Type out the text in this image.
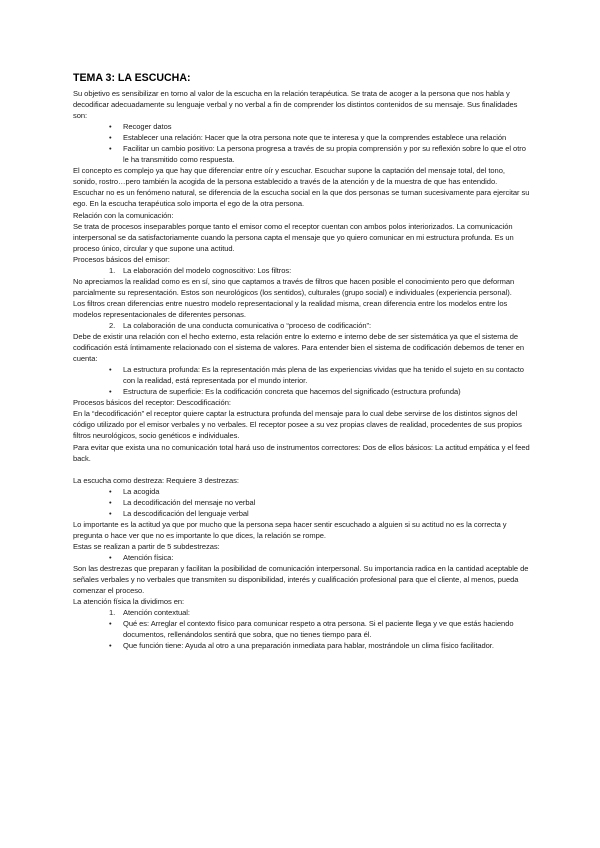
TEMA 3: LA ESCUCHA:

Su objetivo es sensibilizar en torno al valor de la escucha en la relación terapéutica. Se trata de acoger a la persona que nos habla y decodificar adecuadamente su lenguaje verbal y no verbal a fin de comprender los distintos contenidos de su mensaje. Sus finalidades son:

• Recoger datos
• Establecer una relación: Hacer que la otra persona note que te interesa y que la comprendes establece una relación
• Facilitar un cambio positivo: La persona progresa a través de su propia comprensión y por su reflexión sobre lo que el otro le ha transmitido como respuesta.

El concepto es complejo ya que hay que diferenciar entre oír y escuchar. Escuchar supone la captación del mensaje total, del tono, sonido, rostro…pero también la acogida de la persona establecido a través de la atención y de la muestra de que has entendido. Escuchar no es un fenómeno natural, se diferencia de la escucha social en la que dos personas se turnan sucesivamente para ejercitar su ego. En la escucha terapéutica solo importa el ego de la otra persona.

Relación con la comunicación:

Se trata de procesos inseparables porque tanto el emisor como el receptor cuentan con ambos polos interiorizados. La comunicación interpersonal se da satisfactoriamente cuando la persona capta el mensaje que yo quiero comunicar en mi estructura profunda. Es un proceso único, circular y que supone una actitud.

Procesos básicos del emisor:

1. La elaboración del modelo cognoscitivo: Los filtros:

No apreciamos la realidad como es en sí, sino que captamos a través de filtros que hacen posible el conocimiento pero que deforman parcialmente su representación. Estos son neurológicos (los sentidos), culturales (grupo social) e individuales (experiencia personal).

Los filtros crean diferencias entre nuestro modelo representacional y la realidad misma, crean diferencia entre los modelos entre los modelos representacionales de diferentes personas.

2. La colaboración de una conducta comunicativa o “proceso de codificación”:

Debe de existir una relación con el hecho externo, esta relación entre lo externo e interno debe de ser sistemática ya que el sistema de codificación está íntimamente relacionado con el sistema de valores. Para entender bien el sistema de codificación debemos de tener en cuenta:

• La estructura profunda: Es la representación más plena de las experiencias vividas que ha tenido el sujeto en su contacto con la realidad, está representada por el mundo interior.
• Estructura de superficie: Es la codificación concreta que hacemos del significado (estructura profunda)

Procesos básicos del receptor: Descodificación:

En la “decodificación” el receptor quiere captar la estructura profunda del mensaje para lo cual debe servirse de los distintos signos del código utilizado por el emisor verbales y no verbales. El receptor posee a su vez propias claves de realidad, procedentes de sus propios filtros neurológicos, socio genéticos e individuales.

Para evitar que exista una no comunicación total hará uso de instrumentos correctores: Dos de ellos básicos: La actitud empática y el feed back.

La escucha como destreza: Requiere 3 destrezas:

• La acogida
• La decodificación del mensaje no verbal
• La descodificación del lenguaje verbal

Lo importante es la actitud ya que por mucho que la persona sepa hacer sentir escuchado a alguien si su actitud no es la correcta y pregunta o hace ver que no es importante lo que dices, la relación se rompe.

Estas se realizan a partir de 5 subdestrezas:

• Atención física:

Son las destrezas que preparan y facilitan la posibilidad de comunicación interpersonal. Su importancia radica en la cantidad aceptable de señales verbales y no verbales que transmiten su disponibilidad, interés y cualificación profesional para que el cliente, al menos, pueda comenzar el proceso.

La atención física la dividimos en:

1. Atención contextual:
• Qué es: Arreglar el contexto físico para comunicar respeto a otra persona. Si el paciente llega y ve que estás haciendo documentos, rellenándolos sentirá que sobra, que no tienes tiempo para él.
• Que función tiene: Ayuda al otro a una preparación inmediata para hablar, mostrándole un clima físico facilitador.
